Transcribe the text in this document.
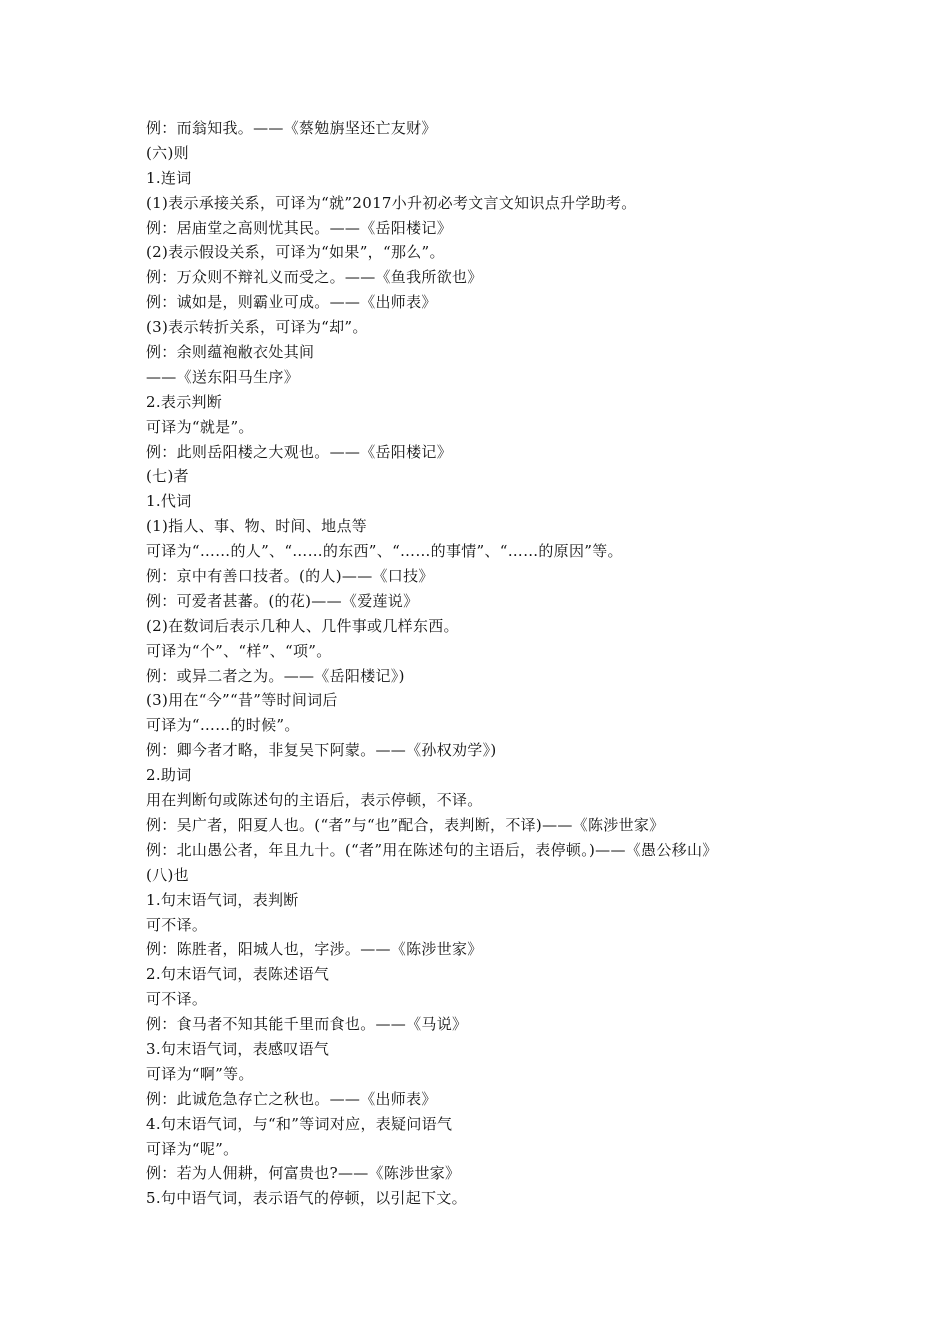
例：而翁知我。——《蔡勉旃坚还亡友财》
(六)则
1.连词
(1)表示承接关系，可译为“就”2017小升初必考文言文知识点升学助考。
例：居庙堂之高则忧其民。——《岳阳楼记》
(2)表示假设关系，可译为“如果”，“那么”。
例：万众则不辩礼义而受之。——《鱼我所欲也》
例：诚如是，则霸业可成。——《出师表》
(3)表示转折关系，可译为“却”。
例：余则蕴袍敝衣处其间
——《送东阳马生序》
2.表示判断
可译为“就是”。
例：此则岳阳楼之大观也。——《岳阳楼记》
(七)者
1.代词
(1)指人、事、物、时间、地点等
可译为“……的人”、“……的东西”、“……的事情”、“……的原因”等。
例：京中有善口技者。(的人)——《口技》
例：可爱者甚蕃。(的花)——《爱莲说》
(2)在数词后表示几种人、几件事或几样东西。
可译为“个”、“样”、“项”。
例：或异二者之为。——《岳阳楼记》)
(3)用在“今”“昔”等时间词后
可译为“……的时候”。
例：卿今者才略，非复吴下阿蒙。——《孙权劝学》)
2.助词
用在判断句或陈述句的主语后，表示停顿，不译。
例：吴广者，阳夏人也。(“者”与“也”配合，表判断，不译)——《陈涉世家》
例：北山愚公者，年且九十。(“者”用在陈述句的主语后，表停顿。)——《愚公移山》
(八)也
1.句末语气词，表判断
可不译。
例：陈胜者，阳城人也，字涉。——《陈涉世家》
2.句末语气词，表陈述语气
可不译。
例：食马者不知其能千里而食也。——《马说》
3.句末语气词，表感叹语气
可译为“啊”等。
例：此诚危急存亡之秋也。——《出师表》
4.句末语气词，与“和”等词对应，表疑问语气
可译为“呢”。
例：若为人佣耕，何富贵也?——《陈涉世家》
5.句中语气词，表示语气的停顿，以引起下文。
